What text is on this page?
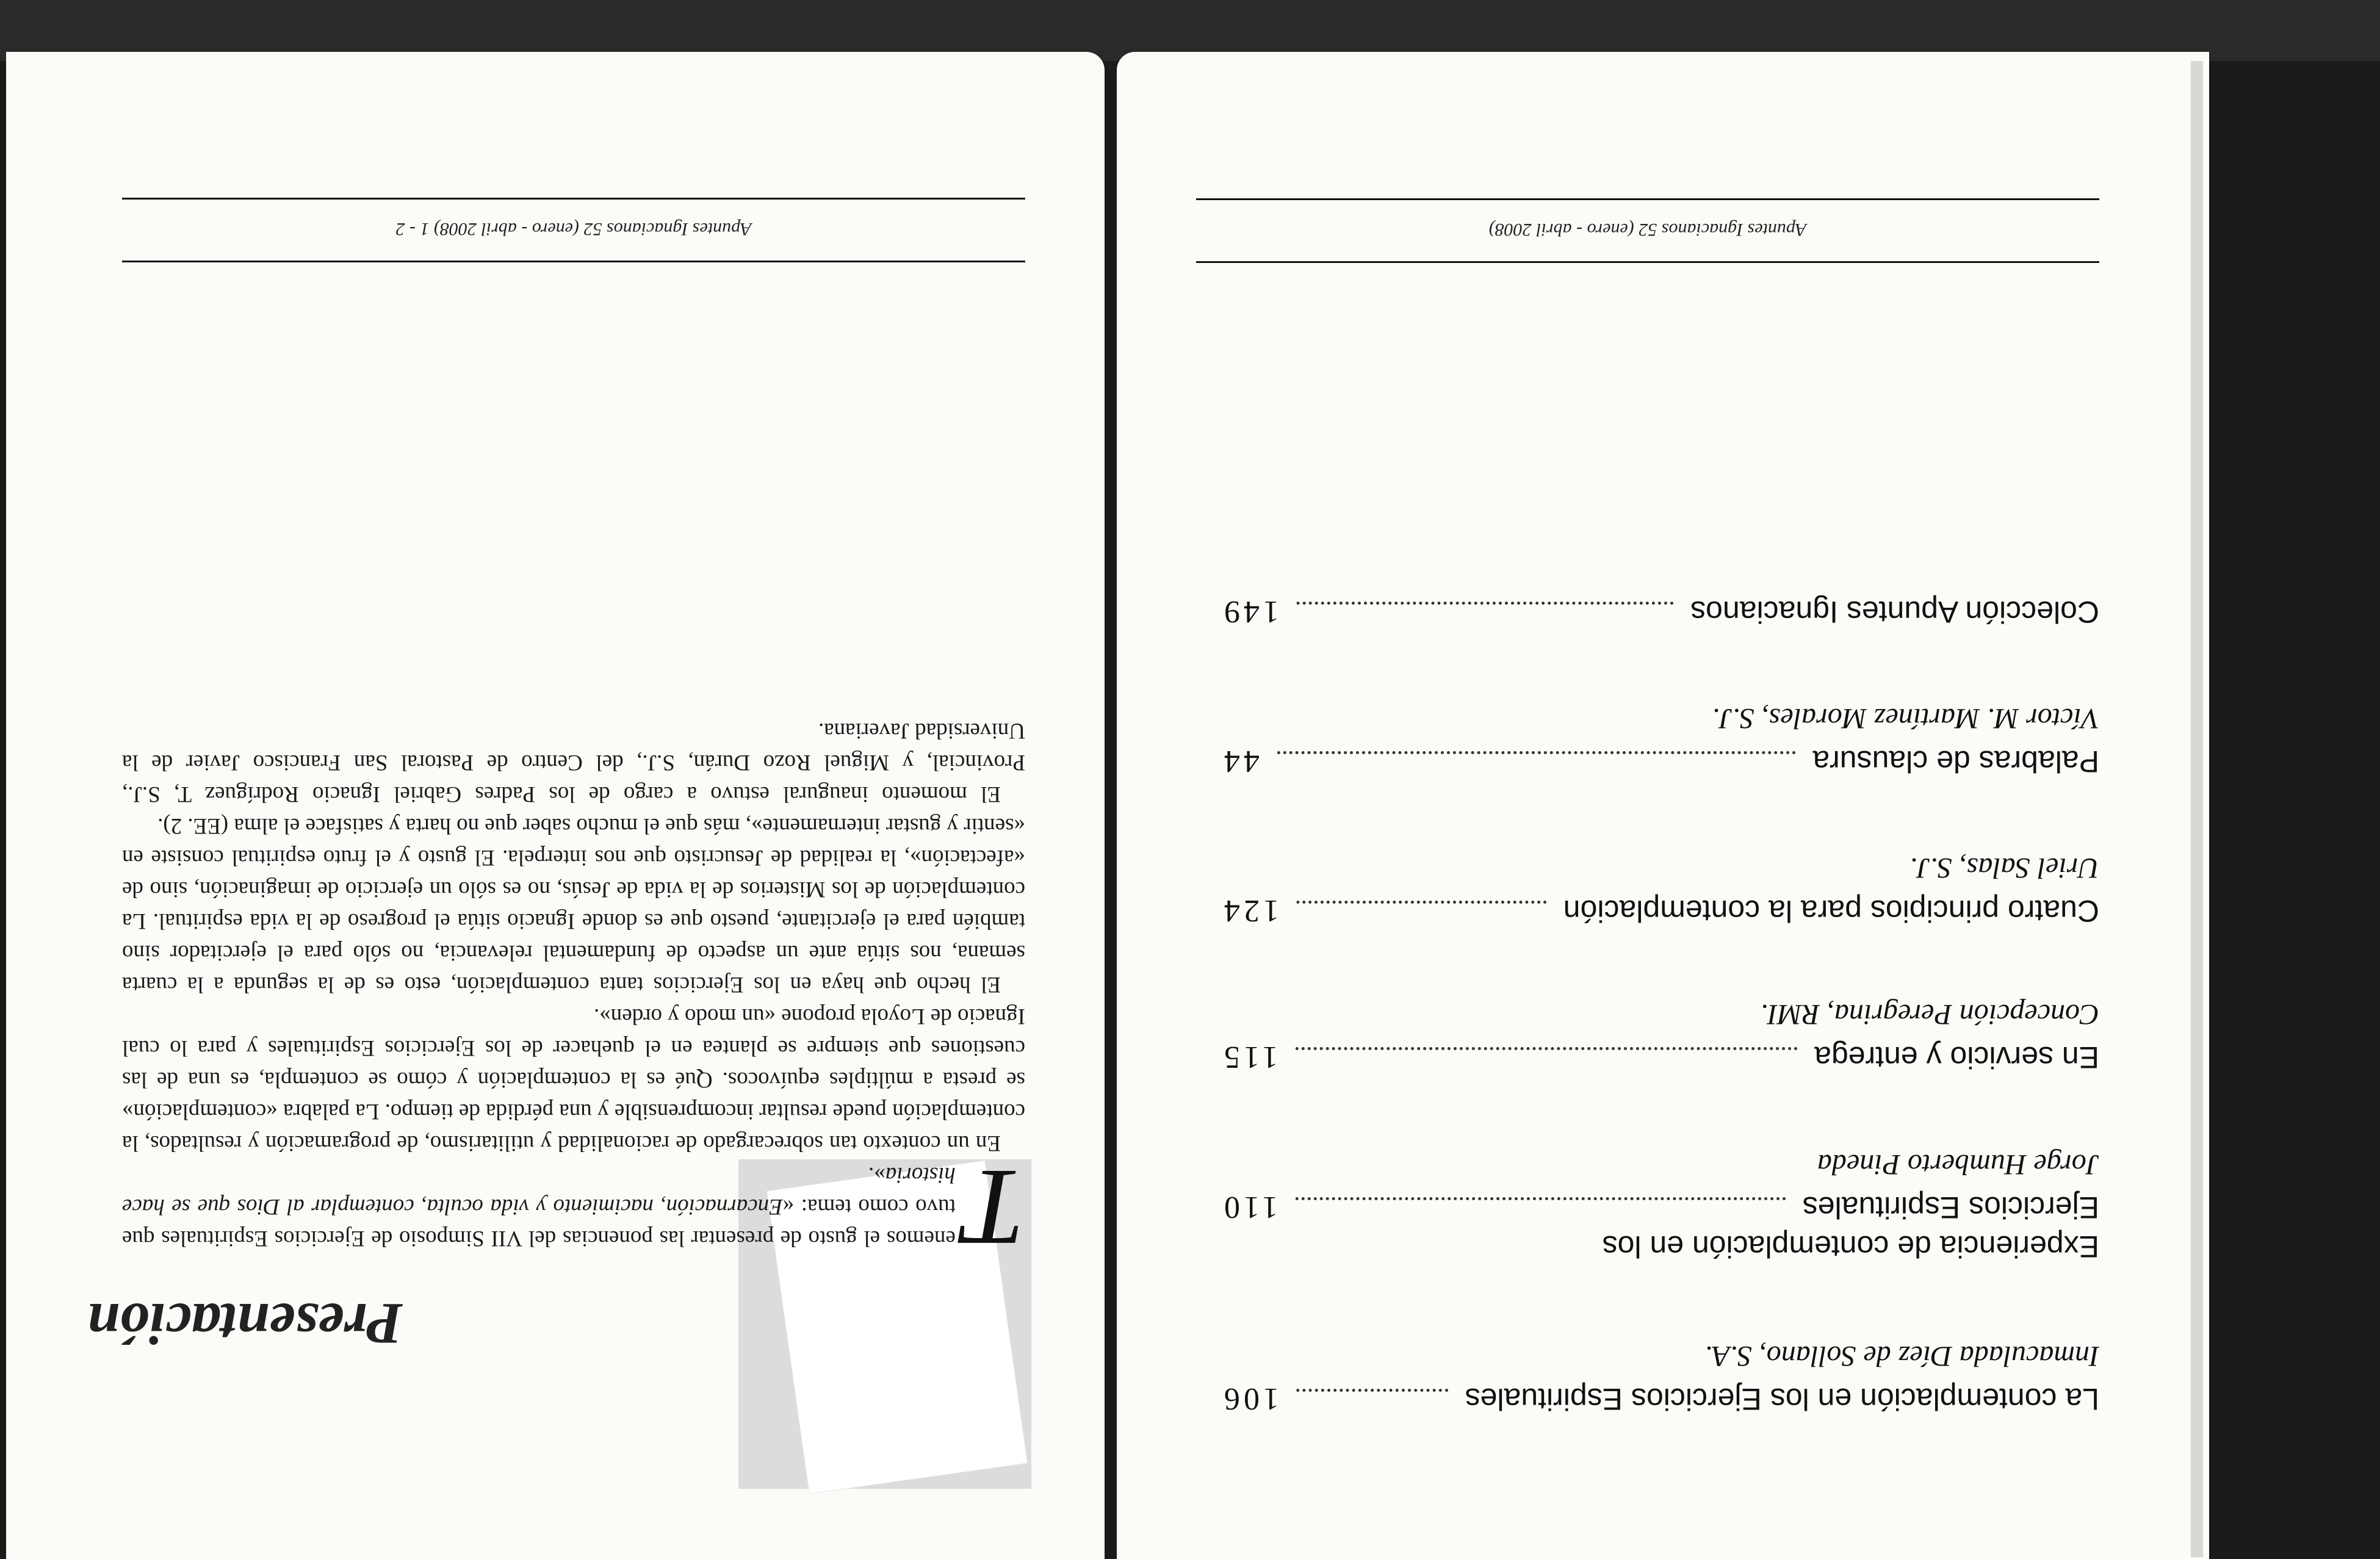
Apuntes Ignacianos 52 (enero - abril 2008) 1 - 2
Presentación

T
enemos el gusto de presentar las ponencias del VII Simposio de Ejercicios Espirituales que tuvo como tema: «Encarnación, nacimiento y vida oculta, contemplar al Dios que se hace historia».

En un contexto tan sobrecargado de racionalidad y utilitarismo, de programación y resultados, la contemplación puede resultar incomprensible y una pérdida de tiempo. La palabra «contemplación» se presta a múltiples equívocos. Qué es la contemplación y cómo se contempla, es una de las cuestiones que siempre se planteа en el quehacer de los Ejercicios Espirituales y para lo cual Ignacio de Loyola propone «un modo y orden».

El hecho que haya en los Ejercicios tanta contemplación, esto es de la segunda a la cuarta semana, nos sitúa ante un aspecto de fundamental relevancia, no sólo para el ejercitador sino también para el ejercitante, puesto que es donde Ignacio sitúa el progreso de la vida espiritual. La contemplación de los Misterios de la vida de Jesús, no es sólo un ejercicio de imaginación, sino de «afectación», la realidad de Jesucristo que nos interpela. El gusto y el fruto espiritual consiste en «sentir y gustar internamente», más que el mucho saber que no harta y satisface el alma (EE. 2).

El momento inaugural estuvo a cargo de los Padres Gabriel Ignacio Rodríguez T, S.J., Provincial, y Miguel Rozo Durán, S.J., del Centro de Pastoral San Francisco Javier de la Universidad Javeriana.

Apuntes Ignacianos 52 (enero - abril 2008)
La contemplación en los Ejercicios Espirituales
106
Inmaculada Díez de Sollano, S.A.
Experiencia de contemplación en los
Ejercicios Espirituales
110
Jorge Humberto Pineda
En servicio y entrega
115
Concepción Peregrina, RMI.
Cuatro principios para la contemplación
124
Uriel Salas, S.J.
Palabras de clausura
44
Víctor M. Martínez Morales, S.J.
Colección Apuntes Ignacianos
149
